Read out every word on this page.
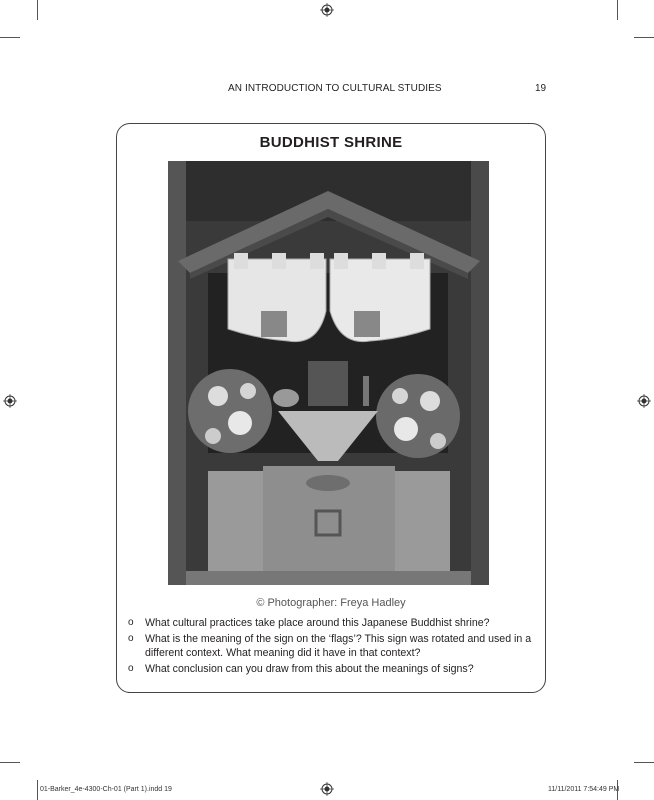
AN INTRODUCTION TO CULTURAL STUDIES	19
BUDDHIST SHRINE
© Photographer: Freya Hadley
o What cultural practices take place around this Japanese Buddhist shrine?
o What is the meaning of the sign on the ‘flags’? This sign was rotated and used in a different context. What meaning did it have in that context?
o What conclusion can you draw from this about the meanings of signs?
01-Barker_4e-4300-Ch-01 (Part 1).indd 19	11/11/2011 7:54:49 PM
